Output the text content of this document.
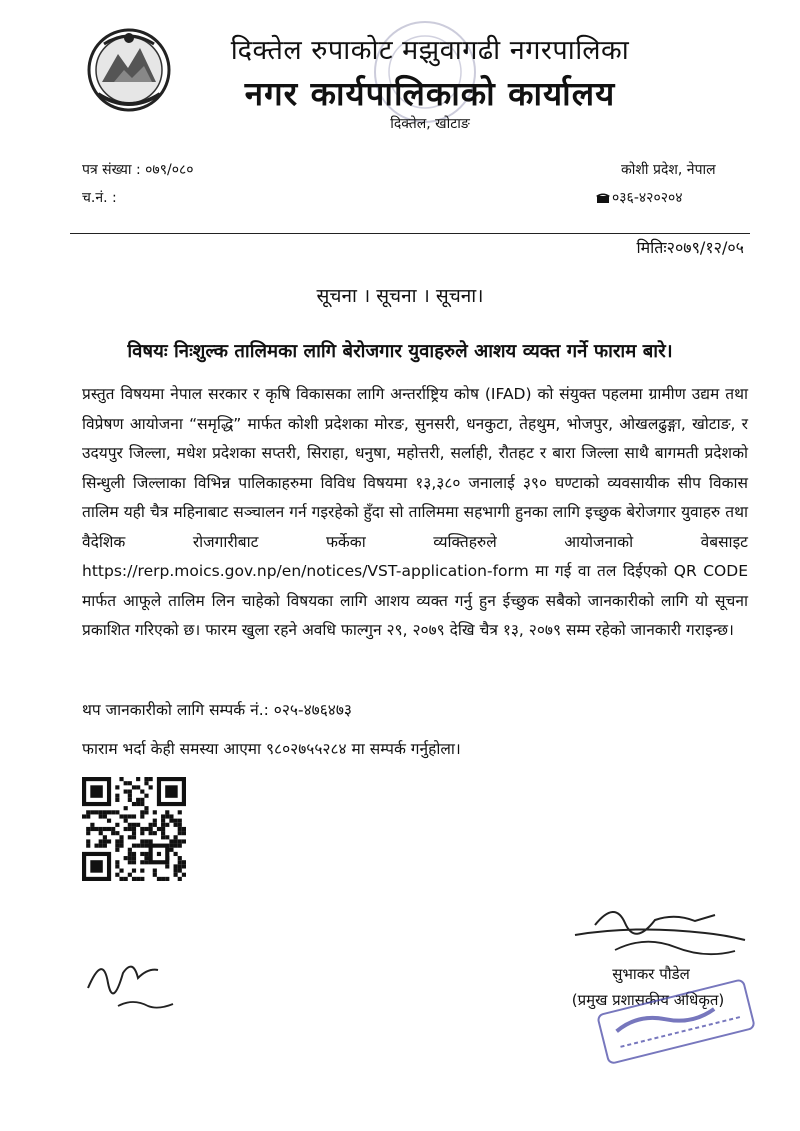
दिक्तेल रुपाकोट मझुवागढी नगरपालिका
नगर कार्यपालिकाको कार्यालय
दिक्तेल, खोटाङ
पत्र संख्या : ०७९/०८०
च.नं. :
कोशी प्रदेश, नेपाल
०३६-४२०२०४
मितिः२०७९/१२/०५
सूचना । सूचना । सूचना।
विषयः निःशुल्क तालिमका लागि बेरोजगार युवाहरुले आशय व्यक्त गर्ने फाराम बारे।
प्रस्तुत विषयमा नेपाल सरकार र कृषि विकासका लागि अन्तर्राष्ट्रिय कोष (IFAD) को संयुक्त पहलमा ग्रामीण उद्यम तथा विप्रेषण आयोजना “समृद्धि” मार्फत कोशी प्रदेशका मोरङ, सुनसरी, धनकुटा, तेहथुम, भोजपुर, ओखलढुङ्गा, खोटाङ, र उदयपुर जिल्ला, मधेश प्रदेशका सप्तरी, सिराहा, धनुषा, महोत्तरी, सर्लाही, रौतहट र बारा जिल्ला साथै बागमती प्रदेशको सिन्धुली जिल्लाका विभिन्न पालिकाहरुमा विविध विषयमा १३,३८० जनालाई ३९० घण्टाको व्यवसायीक सीप विकास तालिम यही चैत्र महिनाबाट सञ्चालन गर्न गइरहेको हुँदा सो तालिममा सहभागी हुनका लागि इच्छुक बेरोजगार युवाहरु तथा वैदेशिक रोजगारीबाट फर्केका व्यक्तिहरुले आयोजनाको वेबसाइट https://rerp.moics.gov.np/en/notices/VST-application-form मा गई वा तल दिईएको QR CODE मार्फत आफूले तालिम लिन चाहेको विषयका लागि आशय व्यक्त गर्नु हुन ईच्छुक सबैको जानकारीको लागि यो सूचना प्रकाशित गरिएको छ। फारम खुला रहने अवधि फाल्गुन २९, २०७९ देखि चैत्र १३, २०७९ सम्म रहेको जानकारी गराइन्छ।
थप जानकारीको लागि सम्पर्क नं.: ०२५-४७६४७३
फाराम भर्दा केही समस्या आएमा ९८०२७५५२८४ मा सम्पर्क गर्नुहोला।
सुभाकर पौडेल
(प्रमुख प्रशासकीय अधिकृत)
